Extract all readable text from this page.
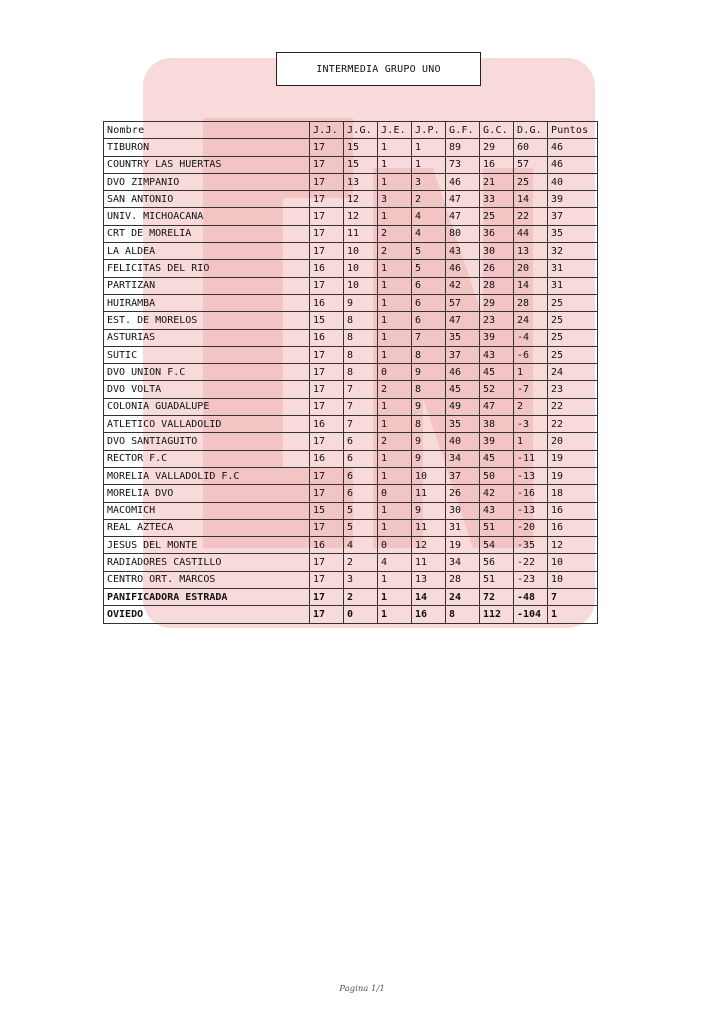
INTERMEDIA GRUPO UNO
Nombre	J.J.	J.G.	J.E.	J.P.	G.F.	G.C.	D.G.	Puntos
TIBURON	17	15	1	1	89	29	60	46
COUNTRY LAS HUERTAS	17	15	1	1	73	16	57	46
DVO ZIMPANIO	17	13	1	3	46	21	25	40
SAN ANTONIO	17	12	3	2	47	33	14	39
UNIV. MICHOACANA	17	12	1	4	47	25	22	37
CRT DE MORELIA	17	11	2	4	80	36	44	35
LA ALDEA	17	10	2	5	43	30	13	32
FELICITAS DEL RIO	16	10	1	5	46	26	20	31
PARTIZAN	17	10	1	6	42	28	14	31
HUIRAMBA	16	9	1	6	57	29	28	25
EST. DE MORELOS	15	8	1	6	47	23	24	25
ASTURIAS	16	8	1	7	35	39	-4	25
SUTIC	17	8	1	8	37	43	-6	25
DVO UNION F.C	17	8	0	9	46	45	1	24
DVO VOLTA	17	7	2	8	45	52	-7	23
COLONIA GUADALUPE	17	7	1	9	49	47	2	22
ATLETICO VALLADOLID	16	7	1	8	35	38	-3	22
DVO SANTIAGUITO	17	6	2	9	40	39	1	20
RECTOR F.C	16	6	1	9	34	45	-11	19
MORELIA VALLADOLID F.C	17	6	1	10	37	50	-13	19
MORELIA DVO	17	6	0	11	26	42	-16	18
MACOMICH	15	5	1	9	30	43	-13	16
REAL AZTECA	17	5	1	11	31	51	-20	16
JESUS DEL MONTE	16	4	0	12	19	54	-35	12
RADIADORES CASTILLO	17	2	4	11	34	56	-22	10
CENTRO ORT. MARCOS	17	3	1	13	28	51	-23	10
PANIFICADORA ESTRADA	17	2	1	14	24	72	-48	7
OVIEDO	17	0	1	16	8	112	-104	1
Pagina 1/1
